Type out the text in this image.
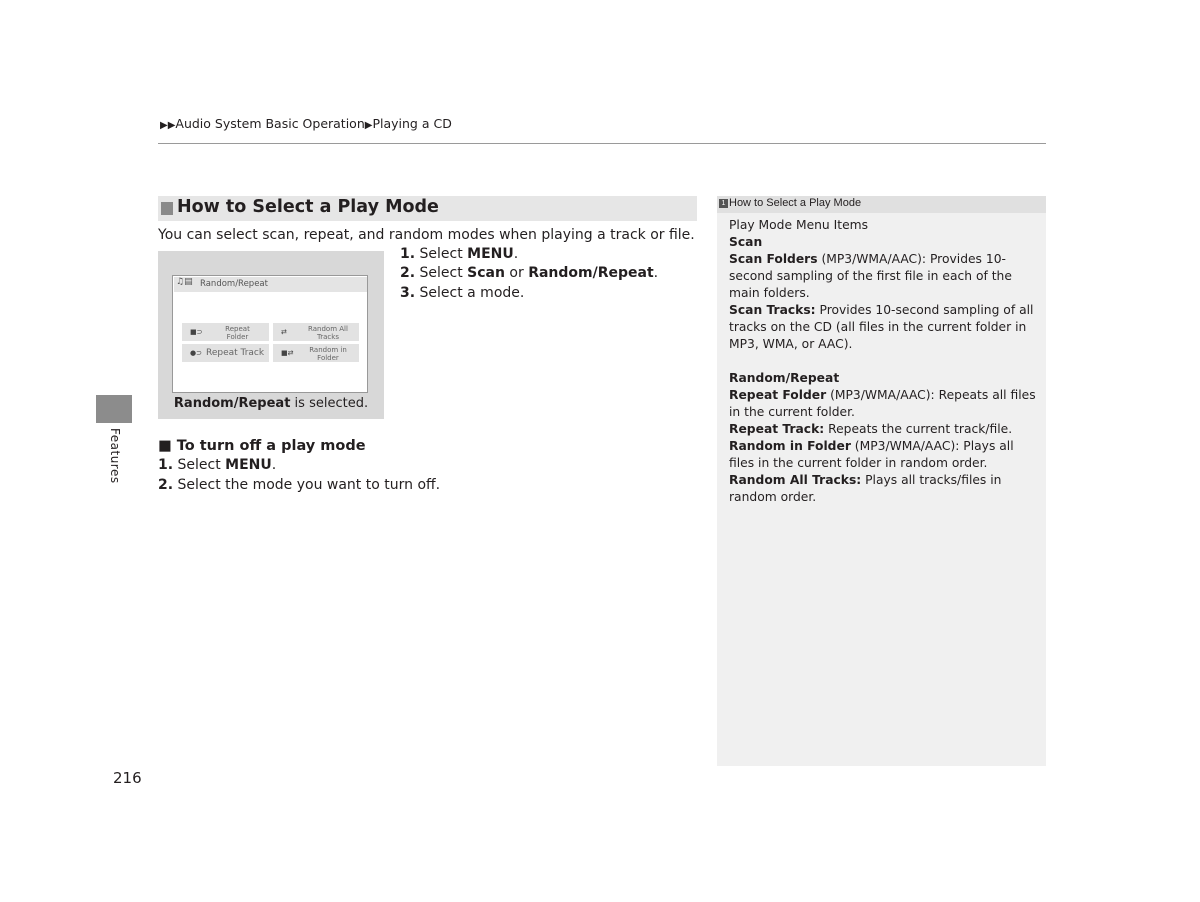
▶▶Audio System Basic Operation▶Playing a CD
How to Select a Play Mode
You can select scan, repeat, and random modes when playing a track or file.
♫▤ Random/Repeat
■⊃	Repeat
Folder
⇄	Random All
Tracks
●⊃ Repeat Track ■⇄	Random in
Folder
Random/Repeat is selected.
1. Select MENU.
2. Select Scan or Random/Repeat.
3. Select a mode.
■ To turn off a play mode
1. Select MENU.
2. Select the mode you want to turn off.
Features
216
1 How to Select a Play Mode

Play Mode Menu Items

Scan

Scan Folders (MP3/WMA/AAC): Provides 10-second sampling of the first file in each of the main folders.

Scan Tracks: Provides 10-second sampling of all tracks on the CD (all files in the current folder in MP3, WMA, or AAC).

Random/Repeat

Repeat Folder (MP3/WMA/AAC): Repeats all files in the current folder.

Repeat Track: Repeats the current track/file.

Random in Folder (MP3/WMA/AAC): Plays all files in the current folder in random order.

Random All Tracks: Plays all tracks/files in random order.
